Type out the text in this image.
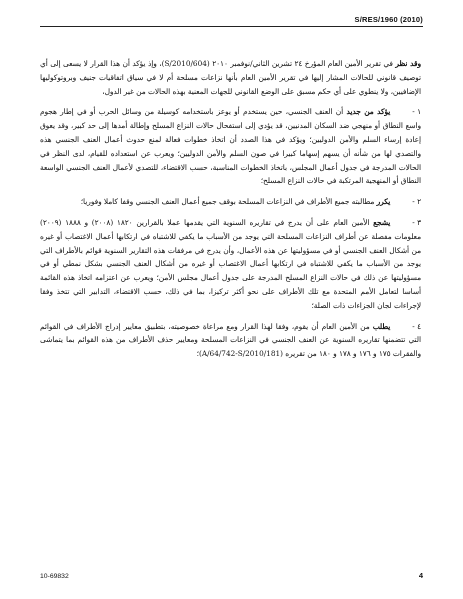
S/RES/1960 (2010)

وقد نظر في تقرير الأمين العام المؤرخ ٢٤ تشرين الثاني/نوفمبر ٢٠١٠ (S/2010/604)، وإذ يؤكد أن هذا القرار لا يسعى إلى أي توصيف قانوني للحالات المشار إليها في تقرير الأمين العام بأنها نزاعات مسلحة أم لا في سياق اتفاقيات جنيف وبروتوكوليها الإضافيين، ولا ينطوي على أي حكم مسبق على الوضع القانوني للجهات المعنية بهذه الحالات من غير الدول،

١ -يؤكد من جديد أن العنف الجنسي، حين يستخدم أو يوعز باستخدامه كوسيلة من وسائل الحرب أو في إطار هجوم واسع النطاق أو منهجي ضد السكان المدنيين، قد يؤدي إلى استفحال حالات النزاع المسلح وإطالة أمدها إلى حد كبير، وقد يعوق إعادة إرساء السلم والأمن الدوليين؛ ويؤكد في هذا الصدد أن اتخاذ خطوات فعالة لمنع حدوث أعمال العنف الجنسي هذه والتصدي لها من شأنه أن يسهم إسهاما كبيرا في صون السلم والأمن الدوليين؛ ويعرب عن استعداده للقيام، لدى النظر في الحالات المدرجة في جدول أعمال المجلس، باتخاذ الخطوات المناسبة، حسب الاقتضاء، للتصدي لأعمال العنف الجنسي الواسعة النطاق أو المنهجية المرتكبة في حالات النزاع المسلح؛

٢ -يكرر مطالبته جميع الأطراف في النزاعات المسلحة بوقف جميع أعمال العنف الجنسي وقفا كاملا وفوريا؛

٣ -يشجع الأمين العام على أن يدرج في تقاريره السنوية التي يقدمها عملا بالقرارين ١٨٢٠ (٢٠٠٨) و ١٨٨٨ (٢٠٠٩) معلومات مفصلة عن أطراف النزاعات المسلحة التي يوجد من الأسباب ما يكفي للاشتباه في ارتكابها أعمال الاغتصاب أو غيره من أشكال العنف الجنسي أو في مسؤوليتها عن هذه الأعمال، وأن يدرج في مرفقات هذه التقارير السنوية قوائم بالأطراف التي يوجد من الأسباب ما يكفي للاشتباه في ارتكابها أعمال الاغتصاب أو غيره من أشكال العنف الجنسي بشكل نمطي أو في مسؤوليتها عن ذلك في حالات النزاع المسلح المدرجة على جدول أعمال مجلس الأمن؛ ويعرب عن اعتزامه اتخاذ هذه القائمة أساسا لتعامل الأمم المتحدة مع تلك الأطراف على نحو أكثر تركيزا، بما في ذلك، حسب الاقتضاء، التدابير التي تتخذ وفقا لإجراءات لجان الجزاءات ذات الصلة؛

٤ -يطلب من الأمين العام أن يقوم، وفقا لهذا القرار ومع مراعاة خصوصيته، بتطبيق معايير إدراج الأطراف في القوائم التي تتضمنها تقاريره السنوية عن العنف الجنسي في النزاعات المسلحة ومعايير حذف الأطراف من هذه القوائم بما يتماشى والفقرات ١٧٥ و ١٧٦ و ١٧٨ و ١٨٠ من تقريره (A/64/742-S/2010/181)؛

10-69832	4
